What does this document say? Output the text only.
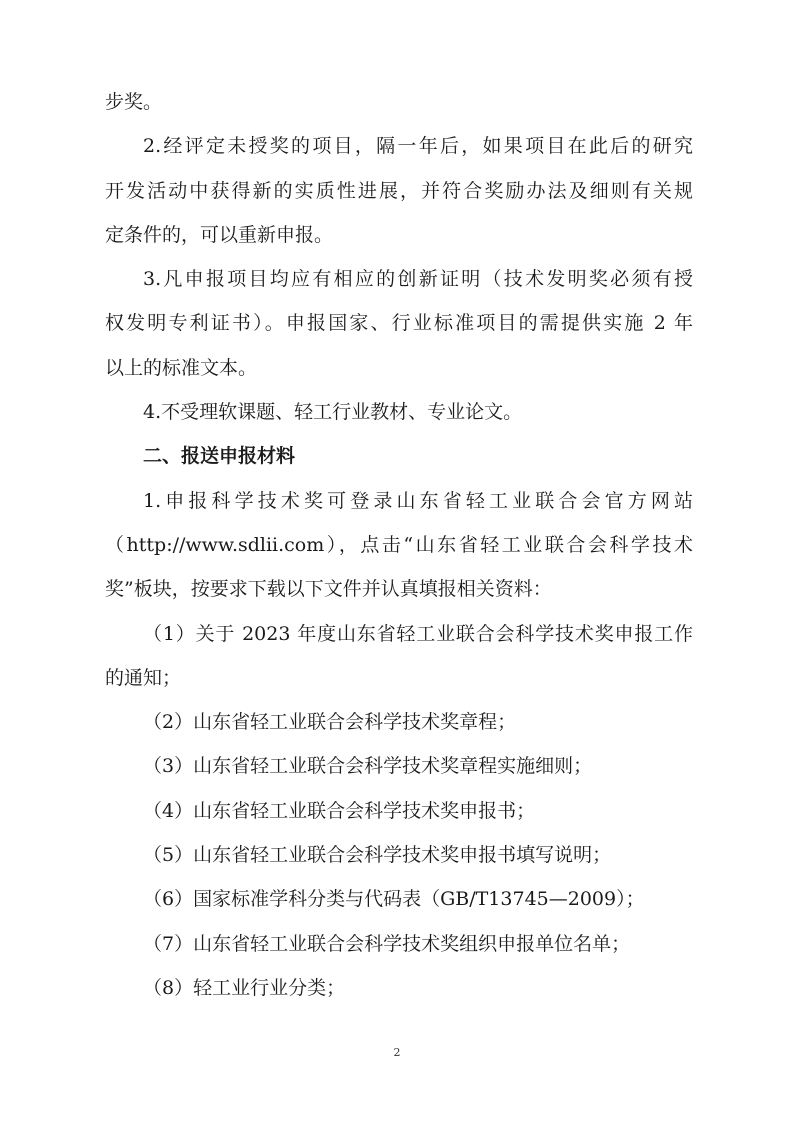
步奖。
2.经评定未授奖的项目，隔一年后，如果项目在此后的研究
开发活动中获得新的实质性进展，并符合奖励办法及细则有关规
定条件的，可以重新申报。
3.凡申报项目均应有相应的创新证明（技术发明奖必须有授
权发明专利证书）。申报国家、行业标准项目的需提供实施 2 年
以上的标准文本。
4.不受理软课题、轻工行业教材、专业论文。
二、报送申报材料
1.申报科学技术奖可登录山东省轻工业联合会官方网站
（http://www.sdlii.com），点击“山东省轻工业联合会科学技术
奖”板块，按要求下载以下文件并认真填报相关资料：
（1）关于 2023 年度山东省轻工业联合会科学技术奖申报工作
的通知；
（2）山东省轻工业联合会科学技术奖章程；
（3）山东省轻工业联合会科学技术奖章程实施细则；
（4）山东省轻工业联合会科学技术奖申报书；
（5）山东省轻工业联合会科学技术奖申报书填写说明；
（6）国家标准学科分类与代码表（GB/T13745—2009）；
（7）山东省轻工业联合会科学技术奖组织申报单位名单；
（8）轻工业行业分类；
2
